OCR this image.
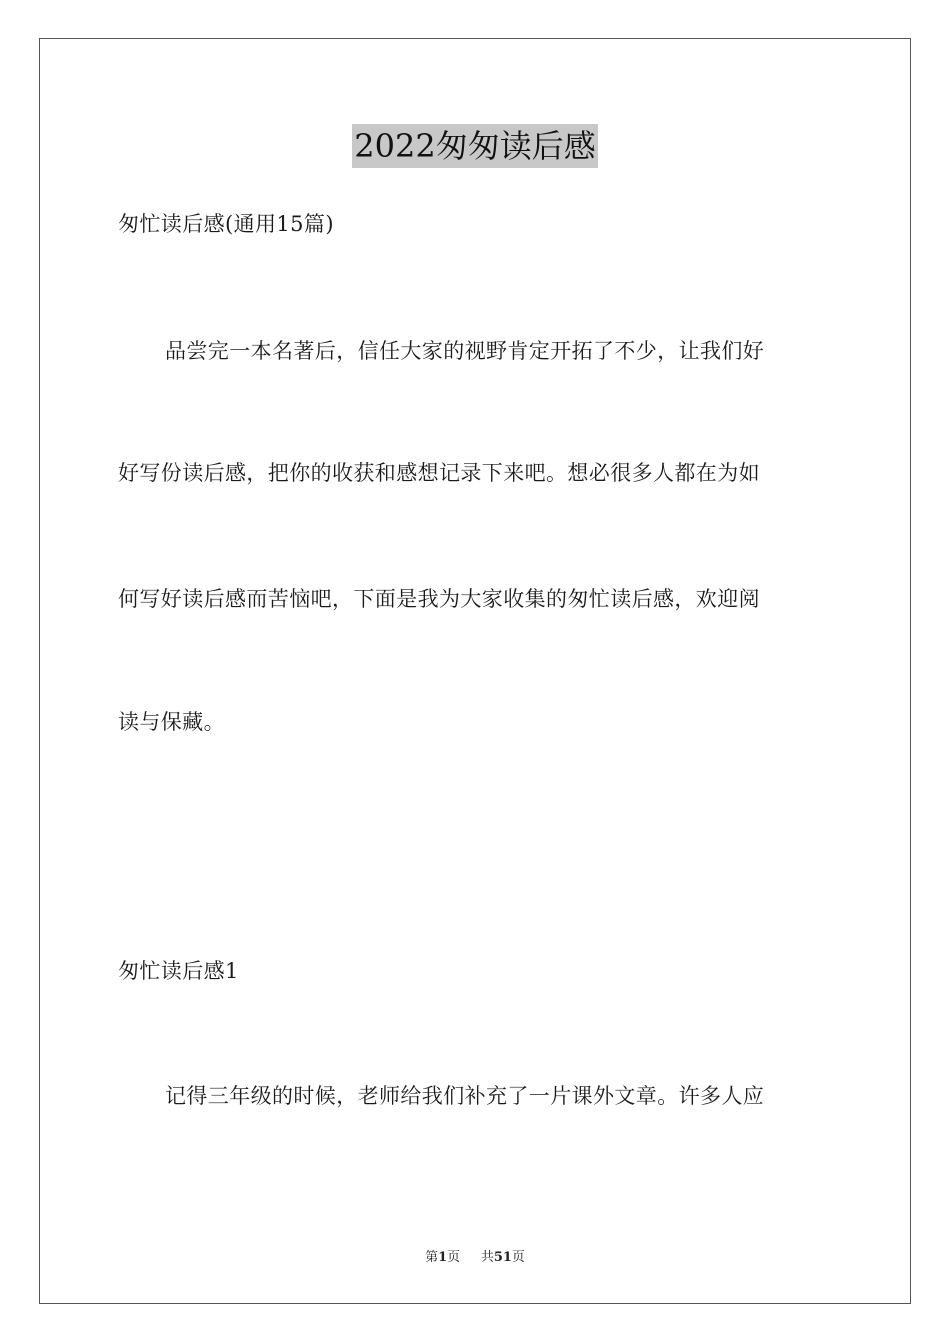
2022匆匆读后感
匆忙读后感(通用15篇)
品尝完一本名著后，信任大家的视野肯定开拓了不少，让我们好
好写份读后感，把你的收获和感想记录下来吧。想必很多人都在为如
何写好读后感而苦恼吧，下面是我为大家收集的匆忙读后感，欢迎阅
读与保藏。
匆忙读后感1
记得三年级的时候，老师给我们补充了一片课外文章。许多人应
第1页 共51页
